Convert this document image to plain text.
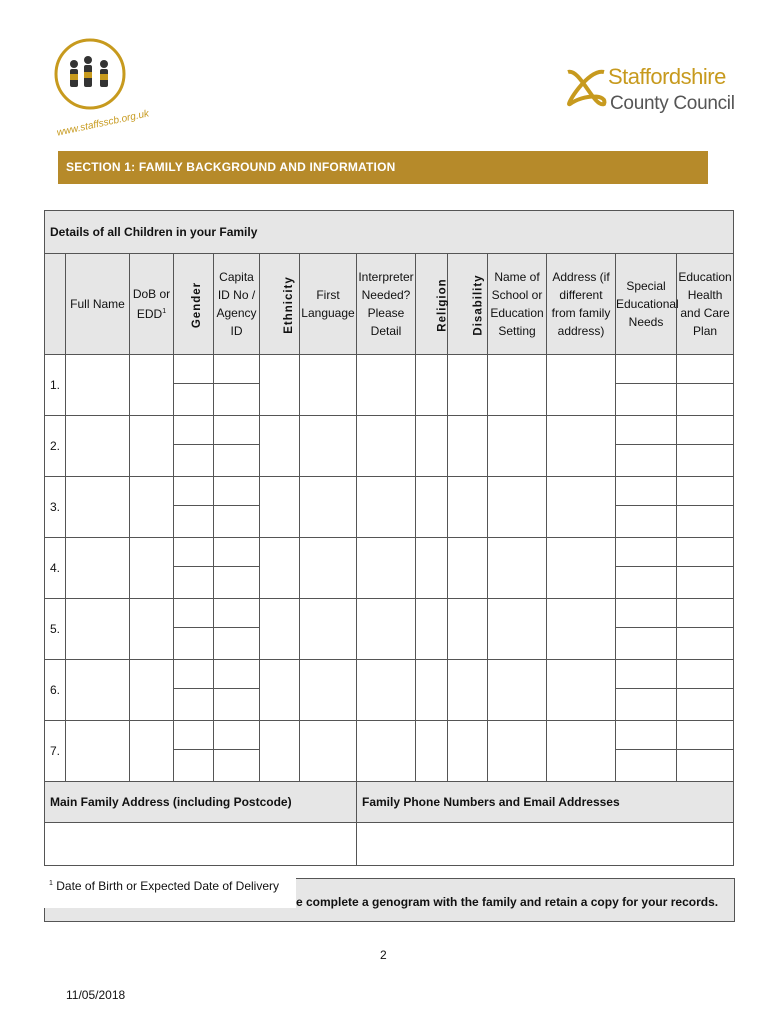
www.staffsscb.org.uk
Staffordshire
County Council
SECTION 1: FAMILY BACKGROUND AND INFORMATION
Details of all Children in your Family													
	Full Name	DoB or EDD$^1$	Gender	Capita ID No / Agency ID	Ethnicity	First Language	Interpreter Needed? Please Detail	Religion	Disability	Name of School or Education Setting	Address (if different from family address)	Special Educational Needs	Education Health and Care Plan
1.			

2.			

3.			

4.			

5.			

6.			

7.			

Main Family Address (including Postcode)							Family Phone Numbers and Email Addresses						

e complete a genogram with the family and retain a copy for your records.
$^1$ Date of Birth or Expected Date of Delivery
2
11/05/2018
